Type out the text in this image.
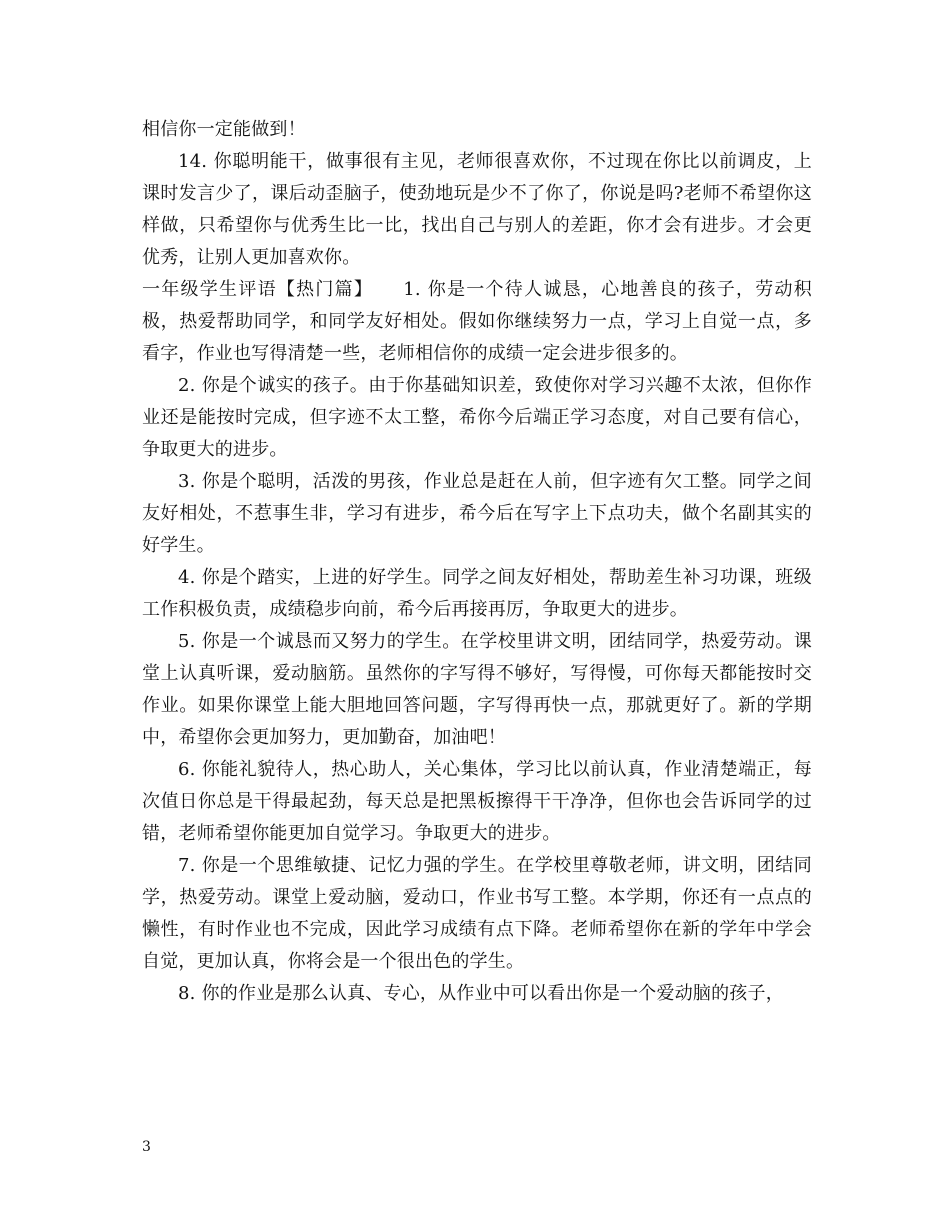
相信你一定能做到！

14. 你聪明能干，做事很有主见，老师很喜欢你，不过现在你比以前调皮，上课时发言少了，课后动歪脑子，使劲地玩是少不了你了，你说是吗?老师不希望你这样做，只希望你与优秀生比一比，找出自己与别人的差距，你才会有进步。才会更优秀，让别人更加喜欢你。

一年级学生评语【热门篇】 1. 你是一个待人诚恳，心地善良的孩子，劳动积极，热爱帮助同学，和同学友好相处。假如你继续努力一点，学习上自觉一点，多看字，作业也写得清楚一些，老师相信你的成绩一定会进步很多的。

2. 你是个诚实的孩子。由于你基础知识差，致使你对学习兴趣不太浓，但你作业还是能按时完成，但字迹不太工整，希你今后端正学习态度，对自己要有信心，争取更大的进步。

3. 你是个聪明，活泼的男孩，作业总是赶在人前，但字迹有欠工整。同学之间友好相处，不惹事生非，学习有进步，希今后在写字上下点功夫，做个名副其实的好学生。

4. 你是个踏实，上进的好学生。同学之间友好相处，帮助差生补习功课，班级工作积极负责，成绩稳步向前，希今后再接再厉，争取更大的进步。

5. 你是一个诚恳而又努力的学生。在学校里讲文明，团结同学，热爱劳动。课堂上认真听课，爱动脑筋。虽然你的字写得不够好，写得慢，可你每天都能按时交作业。如果你课堂上能大胆地回答问题，字写得再快一点，那就更好了。新的学期中，希望你会更加努力，更加勤奋，加油吧！

6. 你能礼貌待人，热心助人，关心集体，学习比以前认真，作业清楚端正，每次值日你总是干得最起劲，每天总是把黑板擦得干干净净，但你也会告诉同学的过错，老师希望你能更加自觉学习。争取更大的进步。

7. 你是一个思维敏捷、记忆力强的学生。在学校里尊敬老师，讲文明，团结同学，热爱劳动。课堂上爱动脑，爱动口，作业书写工整。本学期，你还有一点点的懒性，有时作业也不完成，因此学习成绩有点下降。老师希望你在新的学年中学会自觉，更加认真，你将会是一个很出色的学生。

8. 你的作业是那么认真、专心，从作业中可以看出你是一个爱动脑的孩子，

3
